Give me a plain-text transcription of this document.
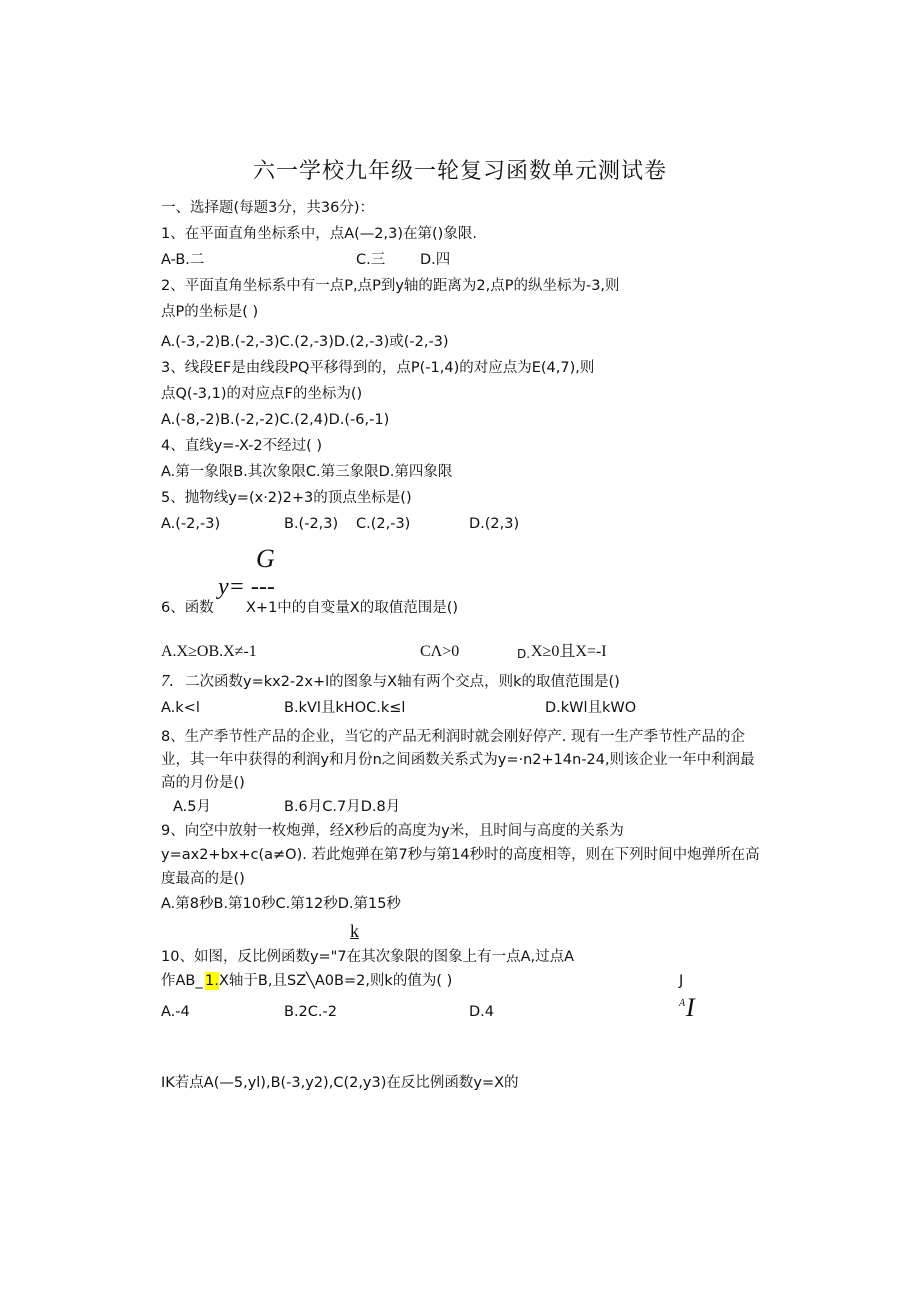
六一学校九年级一轮复习函数单元测试卷
一、选择题(每题3分，共36分)：
1、在平面直角坐标系中，点A(—2,3)在第()象限.
A-B.二	C.三 D.四
2、平面直角坐标系中有一点P,点P到y轴的距离为2,点P的纵坐标为-3,则
点P的坐标是( )
A.(-3,-2)B.(-2,-3)C.(2,-3)D.(2,-3)或(-2,-3)
3、线段EF是由线段PQ平移得到的，点P(-1,4)的对应点为E(4,7),则
点Q(-3,1)的对应点F的坐标为()
A.(-8,-2)B.(-2,-2)C.(2,4)D.(-6,-1)
4、直线y=-X-2不经过( )
A.第一象限B.其次象限C.第三象限D.第四象限
5、抛物线y=(x·2)2+3的顶点坐标是()
A.(-2,-3)	B.(-2,3) C.(2,-3)	D.(2,3)
G
y= ---
6、函数 X+1中的自变量X的取值范围是()
A.X≥OB.X≠-1	CΛ>0	D. X≥0且X=-I
7. 二次函数y=kx2-2x+l的图象与X轴有两个交点，则k的取值范围是()
A.k<l	B.kVl且kHOC.k≤l	D.kWl且kWO
8、生产季节性产品的企业，当它的产品无利润时就会刚好停产. 现有一生产季节性产品的企
业，其一年中获得的利润y和月份n之间函数关系式为y=·n2+14n-24,则该企业一年中利润最
高的月份是()
A.5月	B.6月C.7月D.8月
9、向空中放射一枚炮弹，经X秒后的高度为y米，且时间与高度的关系为
y=ax2+bx+c(a≠O). 若此炮弹在第7秒与第14秒时的高度相等，则在下列时间中炮弹所在高
度最高的是()
A.第8秒B.第10秒C.第12秒D.第15秒
k
10、如图，反比例函数y="7在其次象限的图象上有一点A,过点A
作AB_ 1. X轴于B,且SZ╲A0B=2,则k的值为( )	J
A.-4	B.2C.-2	D.4
A I
IK若点A(—5,yl),B(-3,y2),C(2,y3)在反比例函数y=X的
